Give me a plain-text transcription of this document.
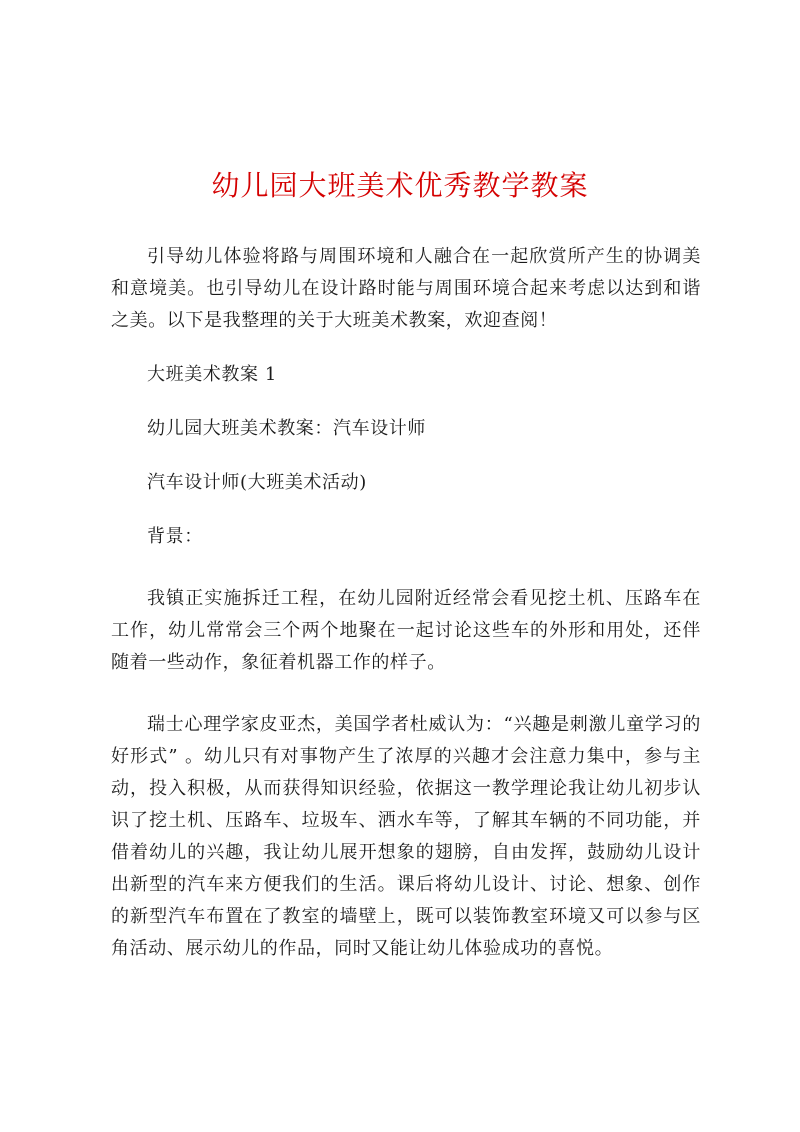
幼儿园大班美术优秀教学教案

引导幼儿体验将路与周围环境和人融合在一起欣赏所产生的协调美和意境美。也引导幼儿在设计路时能与周围环境合起来考虑以达到和谐之美。以下是我整理的关于大班美术教案，欢迎查阅！

大班美术教案 1

幼儿园大班美术教案：汽车设计师

汽车设计师(大班美术活动)

背景：

我镇正实施拆迁工程，在幼儿园附近经常会看见挖土机、压路车在工作，幼儿常常会三个两个地聚在一起讨论这些车的外形和用处，还伴随着一些动作，象征着机器工作的样子。

瑞士心理学家皮亚杰，美国学者杜威认为：“兴趣是刺激儿童学习的好形式” 。幼儿只有对事物产生了浓厚的兴趣才会注意力集中，参与主动，投入积极，从而获得知识经验，依据这一教学理论我让幼儿初步认识了挖土机、压路车、垃圾车、洒水车等，了解其车辆的不同功能，并借着幼儿的兴趣，我让幼儿展开想象的翅膀，自由发挥，鼓励幼儿设计出新型的汽车来方便我们的生活。课后将幼儿设计、讨论、想象、创作的新型汽车布置在了教室的墙壁上，既可以装饰教室环境又可以参与区角活动、展示幼儿的作品，同时又能让幼儿体验成功的喜悦。
